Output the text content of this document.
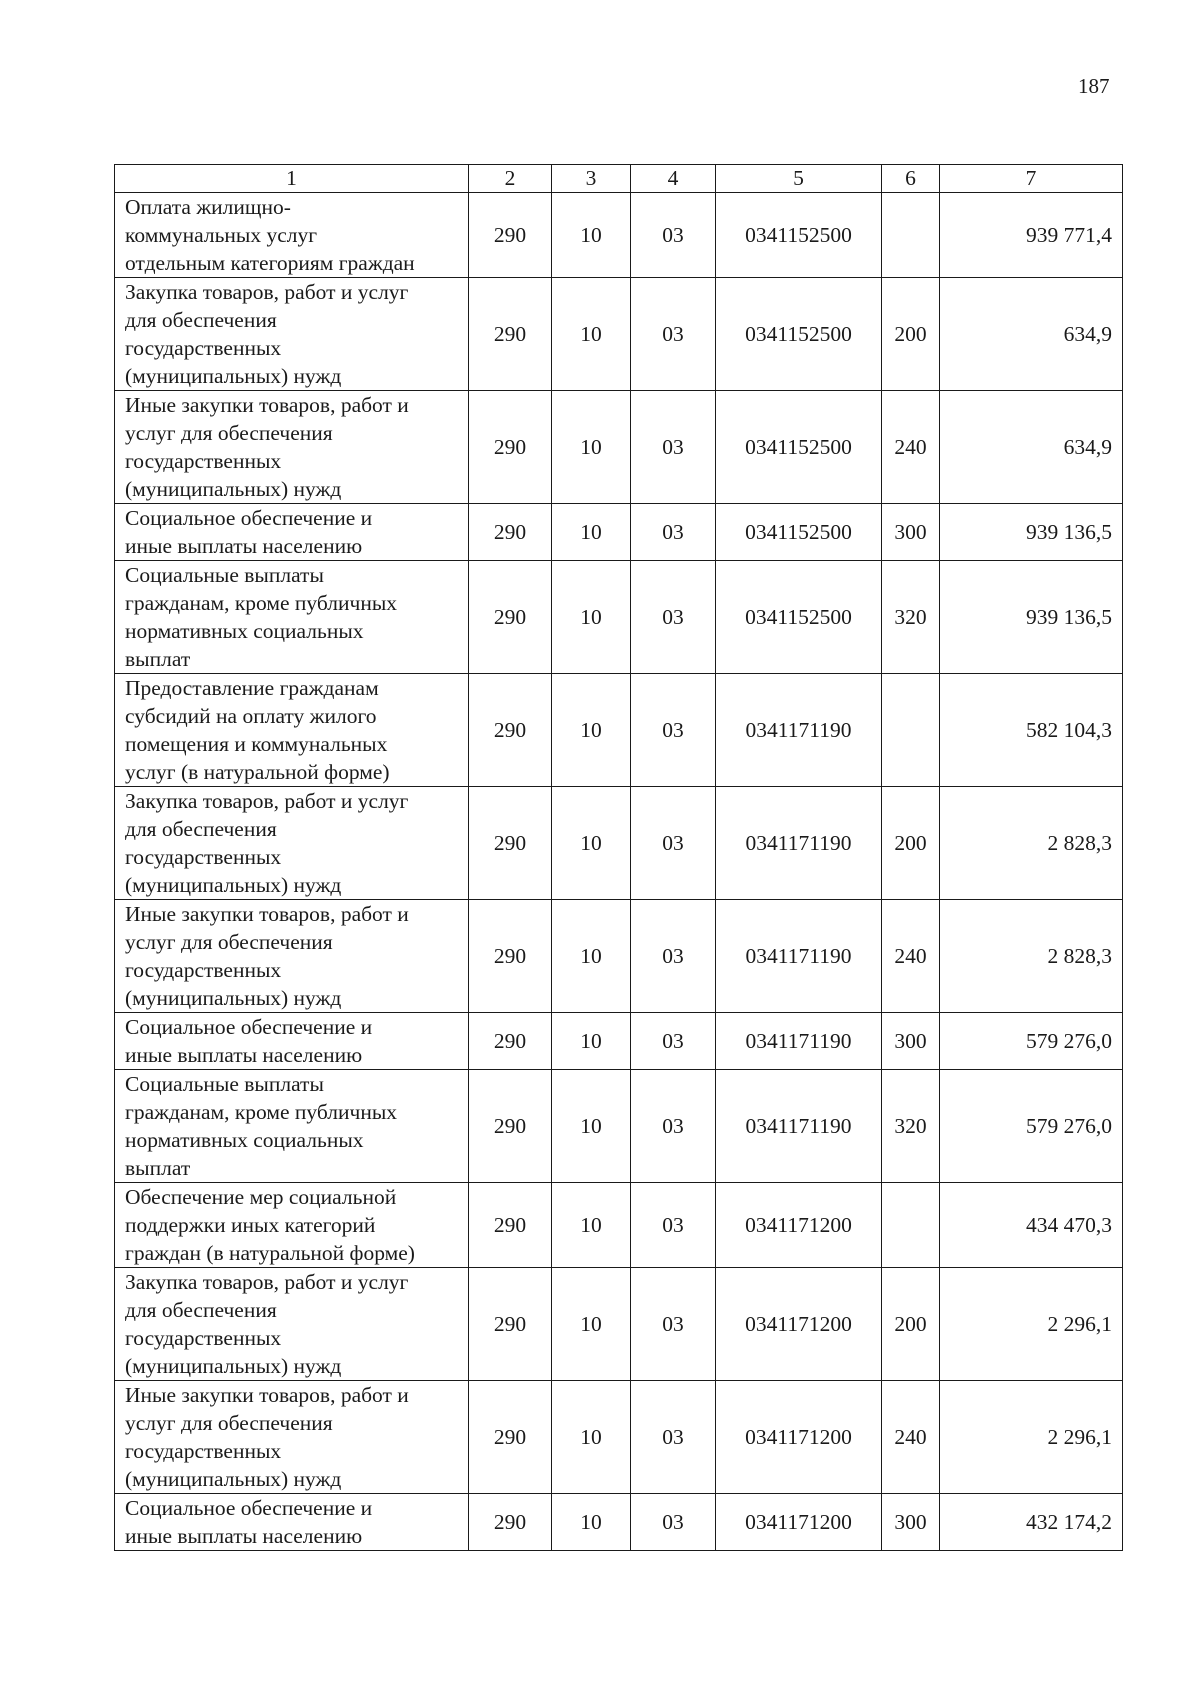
187
1	2	3	4	5	6	7

Оплата жилищно-
коммунальных услуг
отдельным категориям граждан	290	10	03	0341152500		939 771,4

Закупка товаров, работ и услуг
для обеспечения
государственных
(муниципальных) нужд	290	10	03	0341152500	200	634,9

Иные закупки товаров, работ и
услуг для обеспечения
государственных
(муниципальных) нужд	290	10	03	0341152500	240	634,9

Социальное обеспечение и
иные выплаты населению	290	10	03	0341152500	300	939 136,5

Социальные выплаты
гражданам, кроме публичных
нормативных социальных
выплат	290	10	03	0341152500	320	939 136,5

Предоставление гражданам
субсидий на оплату жилого
помещения и коммунальных
услуг (в натуральной форме)	290	10	03	0341171190		582 104,3

Закупка товаров, работ и услуг
для обеспечения
государственных
(муниципальных) нужд	290	10	03	0341171190	200	2 828,3

Иные закупки товаров, работ и
услуг для обеспечения
государственных
(муниципальных) нужд	290	10	03	0341171190	240	2 828,3

Социальное обеспечение и
иные выплаты населению	290	10	03	0341171190	300	579 276,0

Социальные выплаты
гражданам, кроме публичных
нормативных социальных
выплат	290	10	03	0341171190	320	579 276,0

Обеспечение мер социальной
поддержки иных категорий
граждан (в натуральной форме)	290	10	03	0341171200		434 470,3

Закупка товаров, работ и услуг
для обеспечения
государственных
(муниципальных) нужд	290	10	03	0341171200	200	2 296,1

Иные закупки товаров, работ и
услуг для обеспечения
государственных
(муниципальных) нужд	290	10	03	0341171200	240	2 296,1

Социальное обеспечение и
иные выплаты населению	290	10	03	0341171200	300	432 174,2
